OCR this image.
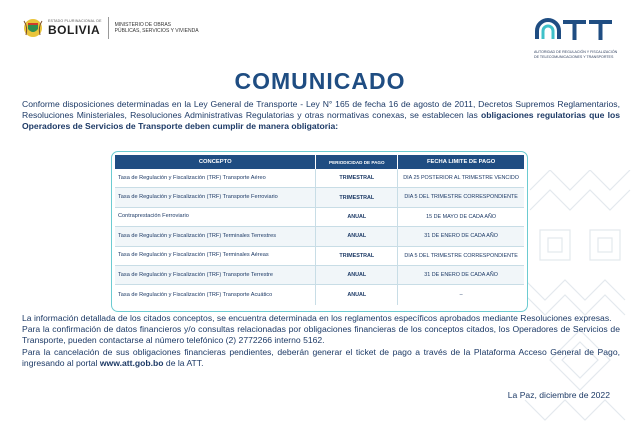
ESTADO PLURINACIONAL DE
BOLIVIA	MINISTERIO DE OBRAS
PÚBLICAS, SERVICIOS Y VIVIENDA
ATT
AUTORIDAD DE REGULACIÓN Y FISCALIZACIÓN
DE TELECOMUNICACIONES Y TRANSPORTES
COMUNICADO
Conforme disposiciones determinadas en la Ley General de Transporte - Ley N° 165 de fecha 16 de agosto de 2011, Decretos Supremos Reglamentarios, Resoluciones Ministeriales, Resoluciones Administrativas Regulatorias y otras normativas conexas, se establecen las obligaciones regulatorias que los Operadores de Servicios de Transporte deben cumplir de manera obligatoria:
CONCEPTO	PERIODICIDAD DE PAGO	FECHA LIMITE DE PAGO
Tasa de Regulación y Fiscalización (TRF) Transporte Aéreo	TRIMESTRAL	DIA 25 POSTERIOR AL TRIMESTRE VENCIDO
Tasa de Regulación y Fiscalización (TRF) Transporte Ferroviario	TRIMESTRAL	DIA 5 DEL TRIMESTRE CORRESPONDIENTE
Contraprestación Ferroviario	ANUAL	15 DE MAYO DE CADA AÑO
Tasa de Regulación y Fiscalización (TRF) Terminales Terrestres	ANUAL	31 DE ENERO DE CADA AÑO
Tasa de Regulación y Fiscalización (TRF) Terminales Aéreas	TRIMESTRAL	DIA 5 DEL TRIMESTRE CORRESPONDIENTE
Tasa de Regulación y Fiscalización (TRF) Transporte Terrestre	ANUAL	31 DE ENERO DE CADA AÑO
Tasa de Regulación y Fiscalización (TRF) Transporte Acuático	ANUAL	–

La información detallada de los citados conceptos, se encuentra determinada en los reglamentos específicos aprobados mediante Resoluciones expresas.

Para la confirmación de datos financieros y/o consultas relacionadas por obligaciones financieras de los conceptos citados, los Operadores de Servicios de Transporte, pueden contactarse al número telefónico (2) 2772266 interno 5162.

Para la cancelación de sus obligaciones financieras pendientes, deberán generar el ticket de pago a través de la Plataforma Acceso General de Pago, ingresando al portal www.att.gob.bo de la ATT.

La Paz, diciembre de 2022
